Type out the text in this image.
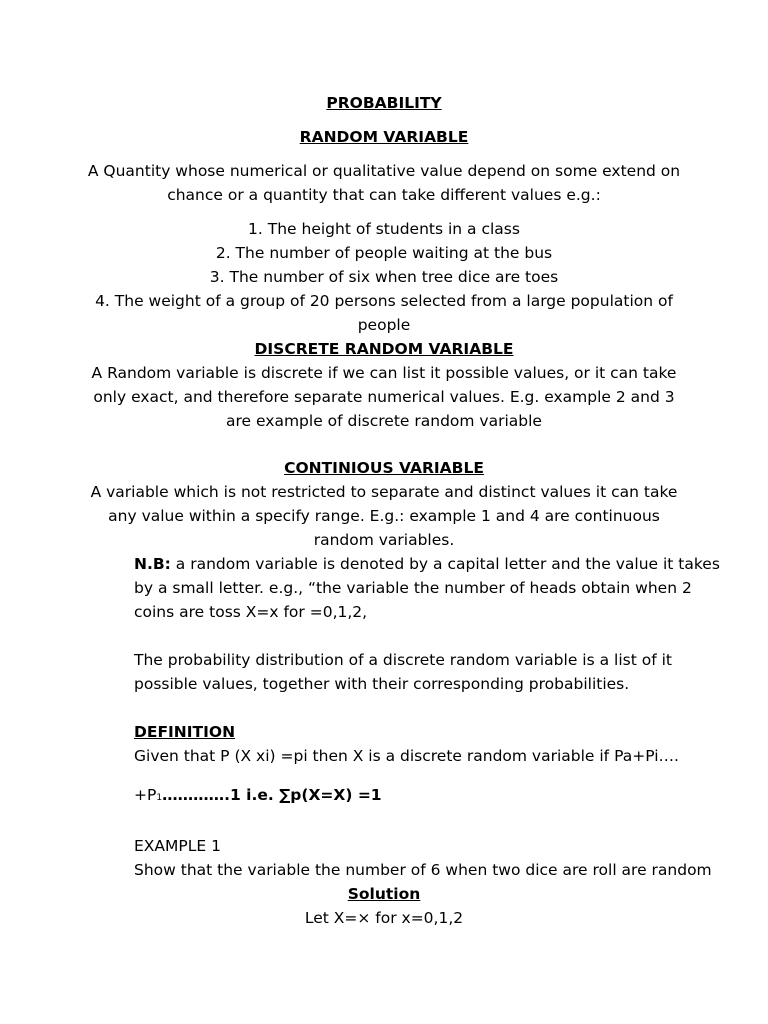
PROBABILITY
RANDOM VARIABLE
A Quantity whose numerical or qualitative value depend on some extend on
chance or a quantity that can take different values e.g.:
1. The height of students in a class
2. The number of people waiting at the bus
3. The number of six when tree dice are toes
4. The weight of a group of 20 persons selected from a large population of
people
DISCRETE RANDOM VARIABLE
A Random variable is discrete if we can list it possible values, or it can take
only exact, and therefore separate numerical values. E.g. example 2 and 3
are example of discrete random variable
CONTINIOUS VARIABLE
A variable which is not restricted to separate and distinct values it can take
any value within a specify range. E.g.: example 1 and 4 are continuous
random variables.
N.B: a random variable is denoted by a capital letter and the value it takes
by a small letter. e.g., “the variable the number of heads obtain when 2
coins are toss X=x for =0,1,2,
The probability distribution of a discrete random variable is a list of it
possible values, together with their corresponding probabilities.
DEFINITION
Given that P (X xi) =pi then X is a discrete random variable if Pa+Pi….
+P1………….1 i.e. ∑p(X=X) =1
EXAMPLE 1
Show that the variable the number of 6 when two dice are roll are random
Solution
Let X=× for x=0,1,2
